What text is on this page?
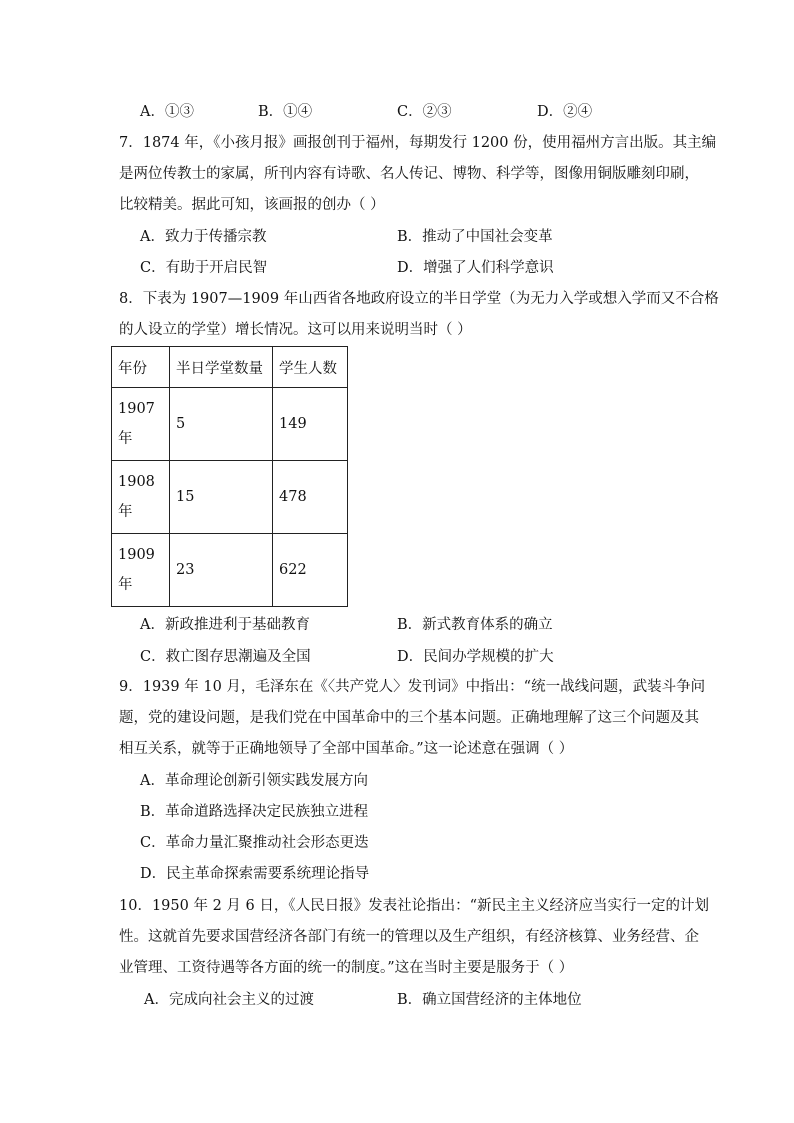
A．①③	B．①④	C．②③	D．②④
7．1874 年，《小孩月报》画报创刊于福州，每期发行 1200 份，使用福州方言出版。其主编
是两位传教士的家属，所刊内容有诗歌、名人传记、博物、科学等，图像用铜版雕刻印刷，
比较精美。据此可知，该画报的创办（ ）
A．致力于传播宗教	B．推动了中国社会变革
C．有助于开启民智	D．增强了人们科学意识
8．下表为 1907—1909 年山西省各地政府设立的半日学堂（为无力入学或想入学而又不合格
的人设立的学堂）增长情况。这可以用来说明当时（ ）
年份	半日学堂数量	学生人数
1907
年	5	149
1908
年	15	478
1909
年	23	622
A．新政推进利于基础教育	B．新式教育体系的确立
C．救亡图存思潮遍及全国	D．民间办学规模的扩大
9．1939 年 10 月，毛泽东在《〈共产党人〉发刊词》中指出：“统一战线问题，武装斗争问
题，党的建设问题，是我们党在中国革命中的三个基本问题。正确地理解了这三个问题及其
相互关系，就等于正确地领导了全部中国革命。”这一论述意在强调（ ）
A．革命理论创新引领实践发展方向
B．革命道路选择决定民族独立进程
C．革命力量汇聚推动社会形态更迭
D．民主革命探索需要系统理论指导
10．1950 年 2 月 6 日，《人民日报》发表社论指出：“新民主主义经济应当实行一定的计划
性。这就首先要求国营经济各部门有统一的管理以及生产组织，有经济核算、业务经营、企
业管理、工资待遇等各方面的统一的制度。”这在当时主要是服务于（ ）
A．完成向社会主义的过渡	B．确立国营经济的主体地位
